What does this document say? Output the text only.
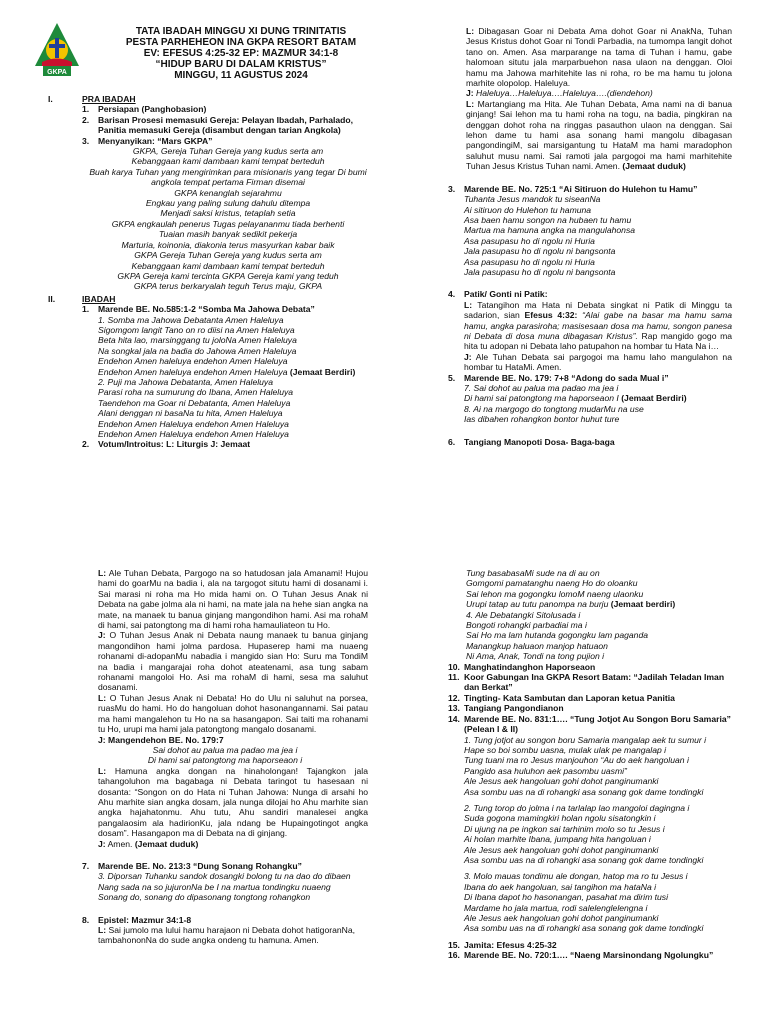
GKPA
TATA IBADAH MINGGU XI DUNG TRINITATIS
PESTA PARHEHEON INA GKPA RESORT BATAM
EV: EFESUS 4:25-32 EP: MAZMUR 34:1-8
“HIDUP BARU DI DALAM KRISTUS”
MINGGU, 11 AGUSTUS 2024
I.	PRA IBADAH
1.	Persiapan (Panghobasion)
2.	Barisan Prosesi memasuki Gereja: Pelayan Ibadah, Parhalado, Panitia memasuki Gereja (disambut dengan tarian Angkola)
3.	Menyanyikan: “Mars GKPA”
GKPA, Gereja Tuhan Gereja yang kudus serta am
Kebanggaan kami dambaan kami tempat berteduh
Buah karya Tuhan yang mengirimkan para misionaris yang tegar Di bumi angkola tempat pertama Firman disemai
GKPA kenanglah sejarahmu
Engkau yang paling sulung dahulu ditempa
Menjadi saksi kristus, tetaplah setia
GKPA engkaulah penerus Tugas pelayananmu tiada berhenti
Tuaian masih banyak sedikit pekerja
Marturia, koinonia, diakonia terus masyurkan kabar baik
GKPA Gereja Tuhan Gereja yang kudus serta am
Kebanggaan kami dambaan kami tempat berteduh
GKPA Gereja kami tercinta GKPA Gereja kami yang teduh
GKPA terus berkaryalah teguh Terus maju, GKPA
II.	IBADAH
1.	Marende BE. No.585:1-2 “Somba Ma Jahowa Debata”
1. Somba ma Jahowa Debatanta Amen Haleluya
Sigomgom langit Tano on ro diisi na Amen Haleluya
Beta hita lao, marsinggang tu joloNa Amen Haleluya
Na songkal jala na badia do Jahowa Amen Haleluya
Endehon Amen haleluya endehon Amen Haleluya
Endehon Amen haleluya endehon Amen Haleluya (Jemaat Berdiri)
2. Puji ma Jahowa Debatanta, Amen Haleluya
Parasi roha na sumurung do Ibana, Amen Haleluya
Taendehon ma Goar ni Debatanta, Amen Haleluya
Alani denggan ni basaNa tu hita, Amen Haleluya
Endehon Amen Haleluya endehon Amen Haleluya
Endehon Amen Haleluya endehon Amen Haleluya
2.	Votum/Introitus: L: Liturgis J: Jemaat
L: Dibagasan Goar ni Debata Ama dohot Goar ni AnakNa, Tuhan Jesus Kristus dohot Goar ni Tondi Parbadia, na tumompa langit dohot tano on. Amen. Asa marparange na tama di Tuhan i hamu, gabe halomoan situtu jala marparbuehon nasa ulaon na denggan. Oloi hamu ma Jahowa marhitehite las ni roha, ro be ma hamu tu jolona marhite olopolop. Haleluya.
J: Haleluya…Haleluya….Haleluya….(diendehon)
L: Martangiang ma Hita. Ale Tuhan Debata, Ama nami na di banua ginjang! Sai lehon ma tu hami roha na togu, na badia, pingkiran na denggan dohot roha na ringgas pasauthon ulaon na denggan. Sai lehon dame tu hami asa sonang hami mangolu dibagasan pangondingiM, sai marsigantung tu HataM ma hami maradophon saluhut musu nami. Sai ramoti jala pargogoi ma hami marhitehite Tuhan Jesus Kristus Tuhan nami. Amen. (Jemaat duduk)
3.	Marende BE. No. 725:1 “Ai Sitiruon do Hulehon tu Hamu”
Tuhanta Jesus mandok tu siseanNa
Ai sitiruon do Hulehon tu hamuna
Asa baen hamu songon na hubaen tu hamu
Martua ma hamuna angka na mangulahonsa
Asa pasupasu ho di ngolu ni Huria
Jala pasupasu ho di ngolu ni bangsonta
Asa pasupasu ho di ngolu ni Huria
Jala pasupasu ho di ngolu ni bangsonta
4.	Patik/ Gonti ni Patik:
L: Tatangihon ma Hata ni Debata singkat ni Patik di Minggu ta sadarion, sian Efesus 4:32: “Alai gabe na basar ma hamu sama hamu, angka parasiroha; masisesaan dosa ma hamu, songon panesa ni Debata di dosa muna dibagasan Kristus”. Rap mangido gogo ma hita tu adopan ni Debata laho patupahon na hombar tu Hata Na i…
J: Ale Tuhan Debata sai pargogoi ma hamu laho mangulahon na hombar tu HataMi. Amen.
5.	Marende BE. No. 179: 7+8 “Adong do sada Mual i”
7. Sai dohot au palua ma padao ma jea i
Di hami sai patongtong ma haporseaon I (Jemaat Berdiri)
8. Ai na margogo do tongtong mudarMu na use
Ias dibahen rohangkon bontor huhut ture
6.	Tangiang Manopoti Dosa- Baga-baga
L: Ale Tuhan Debata, Pargogo na so hatudosan jala Amanami! Hujou hami do goarMu na badia i, ala na targogot situtu hami di dosanami i. Sai marasi ni roha ma Ho mida hami on. O Tuhan Jesus Anak ni Debata na gabe jolma ala ni hami, na mate jala na hehe sian angka na mate, na manaek tu banua ginjang mangondihon hami. Asi ma rohaM di hami, sai patongtong ma di hami roha hamauliateon tu Ho.
J: O Tuhan Jesus Anak ni Debata naung manaek tu banua ginjang mangondihon hami jolma pardosa. Hupaserep hami ma nuaeng rohanami di-adopanMu nabadia i mangido sian Ho: Suru ma TondiM na badia i mangarajai roha dohot ateatenami, asa tung sabam rohanami mangoloi Ho. Asi ma rohaM di hami, sesa ma saluhut dosanami.
L: O Tuhan Jesus Anak ni Debata! Ho do Ulu ni saluhut na porsea, ruasMu do hami. Ho do hangoluan dohot hasonangannami. Sai patau ma hami mangalehon tu Ho na sa hasangapon. Sai taiti ma rohanami tu Ho, urupi ma hami jala patongtong mangalo dosanami.
J: Mangendehon BE. No. 179:7
Sai dohot au paluа ma padao ma jea i
Di hami sai patongtong ma haporseaon i
L: Hamuna angka dongan na hinaholongan! Tajangkon jala tahangoluhon ma bagabaga ni Debata taringot tu hasesaan ni dosanta: “Songon on do Hata ni Tuhan Jahowa: Nunga di arsahi ho Ahu marhite sian angka dosam, jala nunga dilojai ho Ahu marhite sian angka hajahatonmu. Ahu tutu, Ahu sandiri manalesei angka pangalaosim ala hadirionKu, jala ndang be Hupaingotingot angka dosam”. Hasangapon ma di Debata na di ginjang.
J: Amen. (Jemaat duduk)
7.	Marende BE. No. 213:3 “Dung Sonang Rohangku”
3. Diporsan Tuhanku sandok dosangki bolong tu na dao do dibaen
Nang sada na so jujuronNa be I na martua tondingku nuaeng
Sonang do, sonang do dipasonang tongtong rohangkon
8.	Epistel: Mazmur 34:1-8
L: Sai jumolo ma lului hamu harajaon ni Debata dohot hatigoranNa, tambahononNa do sude angka ondeng tu hamuna. Amen.
Tung basabasaMi sude na di au on
Gomgomi pamatanghu naeng Ho do oloanku
Sai lehon ma gogongku lomoM naeng ulaonku
Urupi tatap au tutu panompa na burju (Jemaat berdiri)
4. Ale Debatangki Sitolusada i
Bongoti rohangki parbadiai ma i
Sai Ho ma lam hutanda gogongku lam paganda
Manangkup haluaon manjop hatuaon
Ni Ama, Anak, Tondi na tong pujion i
10. Manghatindanghon Haporseaon
11. Koor Gabungan Ina GKPA Resort Batam: “Jadilah Teladan Iman dan Berkat”
12. Tingting- Kata Sambutan dan Laporan ketua Panitia
13. Tangiang Pangondianon
14. Marende BE. No. 831:1…. “Tung Jotjot Au Songon Boru Samaria” (Pelean I & II)
1. Tung jotjot au songon boru Samaria mangalap aek tu sumur i
Hape so boi sombu uasna, mulak ulak pe mangalap i
Tung tuani ma ro Jesus manjouhon “Au do aek hangoluan i
Pangido asa huluhon aek pasombu uasmi”
Ale Jesus aek hangoluan gohi dohot panginumanki
Asa sombu uas na di rohangki asa sonang gok dame tondingki
2. Tung torop do jolma i na tarlalap lao mangoloi dagingna i
Suda gogona mamingkiri holan ngolu sisatongkin i
Di ujung na pe ingkon sai tarhinim molo so tu Jesus i
Ai holan marhite Ibana, jumpang hita hangoluan i
Ale Jesus aek hangoluan gohi dohot panginumanki
Asa sombu uas na di rohangki asa sonang gok dame tondingki
3. Molo mauas tondimu ale dongan, hatop ma ro tu Jesus i
Ibana do aek hangoluan, sai tangihon ma hataNa i
Di Ibana dapot ho hasonangan, pasahat ma dirim tusi
Mardame ho jala martua, rodi salelenglelengna i
Ale Jesus aek hangoluan gohi dohot panginumanki
Asa sombu uas na di rohangki asa sonang gok dame tondingki
15. Jamita: Efesus 4:25-32
16. Marende BE. No. 720:1…. “Naeng Marsinondang Ngolungku”
